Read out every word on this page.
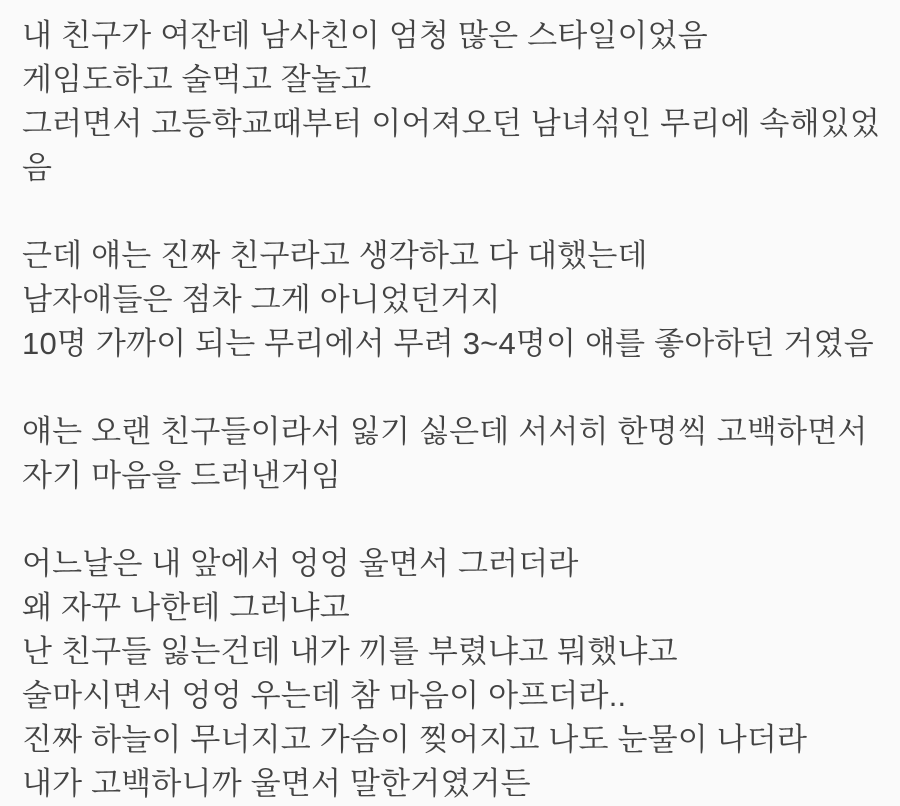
내 친구가 여잔데 남사친이 엄청 많은 스타일이었음
게임도하고 술먹고 잘놀고
그러면서 고등학교때부터 이어져오던 남녀섞인 무리에 속해있었음
근데 얘는 진짜 친구라고 생각하고 다 대했는데
남자애들은 점차 그게 아니었던거지
10명 가까이 되는 무리에서 무려 3~4명이 얘를 좋아하던 거였음
얘는 오랜 친구들이라서 잃기 싫은데 서서히 한명씩 고백하면서 자기 마음을 드러낸거임
어느날은 내 앞에서 엉엉 울면서 그러더라
왜 자꾸 나한테 그러냐고
난 친구들 잃는건데 내가 끼를 부렸냐고 뭐했냐고
술마시면서 엉엉 우는데 참 마음이 아프더라..
진짜 하늘이 무너지고 가슴이 찢어지고 나도 눈물이 나더라
내가 고백하니까 울면서 말한거였거든
